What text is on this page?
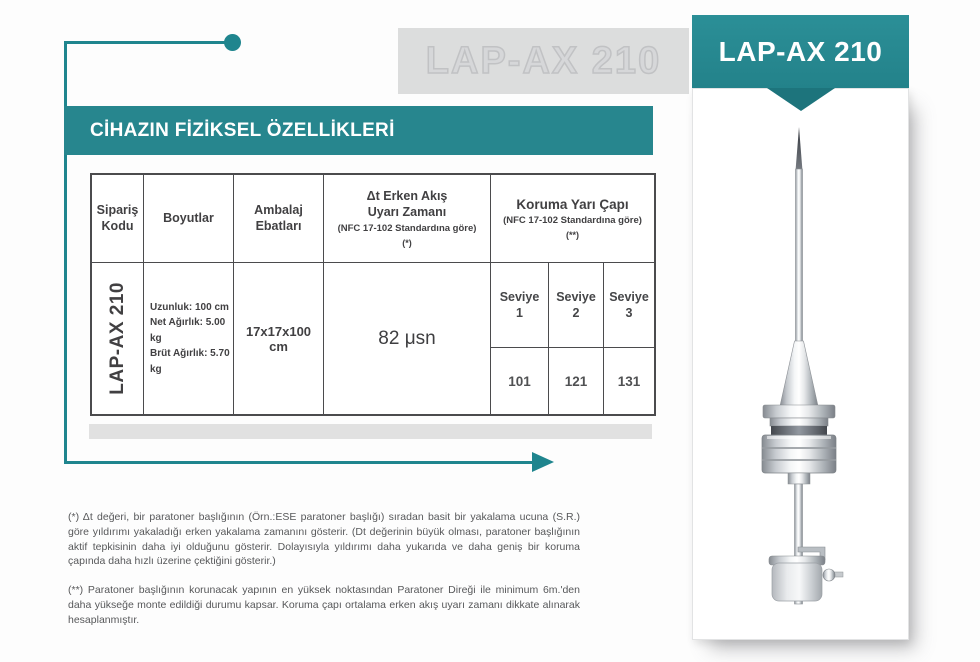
LAP-AX 210
CİHAZIN FİZİKSEL ÖZELLİKLERİ
Sipariş Kodu
Boyutlar
Ambalaj
Ebatları
Δt Erken Akış
Uyarı Zamanı
(NFC 17-102 Standardına göre)
(*)
Koruma Yarı Çapı
(NFC 17-102 Standardına göre)
(**)
LAP-AX 210 Uzunluk: 100 cm
Net Ağırlık: 5.00 kg
Brüt Ağırlık: 5.70 kg
17x17x100 cm	82 μsn
Seviye
1
Seviye
2
Seviye
3
101	121 131

(*) Δt değeri, bir paratoner başlığının (Örn.:ESE paratoner başlığı) sıradan basit bir yakalama ucuna (S.R.) göre yıldırımı yakaladığı erken yakalama zamanını gösterir. (Dt değerinin büyük olması, paratoner başlığının aktif tepkisinin daha iyi olduğunu gösterir. Dolayısıyla yıldırımı daha yukarıda ve daha geniş bir koruma çapında daha hızlı üzerine çektiğini gösterir.)

(**) Paratoner başlığının korunacak yapının en yüksek noktasından Paratoner Direği ile minimum 6m.'den daha yükseğe monte edildiği durumu kapsar. Koruma çapı ortalama erken akış uyarı zamanı dikkate alınarak hesaplanmıştır.

LAP-AX 210
